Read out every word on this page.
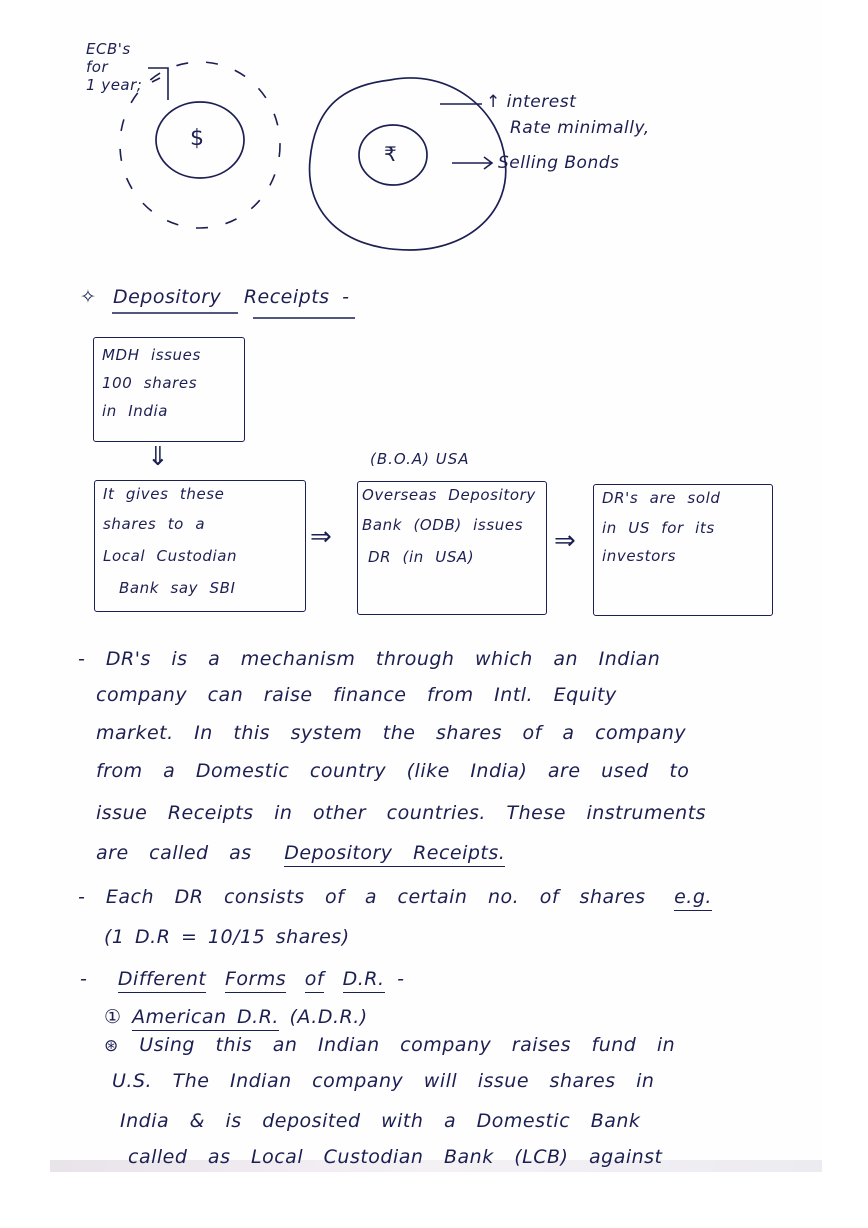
ECB's
for
1 year;
$
₹
↑ interest
Rate minimally,
Selling Bonds
✧ Depository Receipts -
MDH issues
100 shares
in India
⇓
It gives these
shares to a
Local Custodian
Bank say SBI
⇒
(B.O.A) USA
Overseas Depository
Bank (ODB) issues
DR (in USA)
⇒
DR's are sold
in US for its
investors
- DR's is a mechanism through which an Indian
company can raise finance from Intl. Equity
market. In this system the shares of a company
from a Domestic country (like India) are used to
issue Receipts in other countries. These instruments
are called as Depository Receipts.
- Each DR consists of a certain no. of shares e.g.
(1 D.R = 10/15 shares)
- Different Forms of D.R. -
① American D.R. (A.D.R.)
⊛ Using this an Indian company raises fund in
U.S. The Indian company will issue shares in
India & is deposited with a Domestic Bank
called as Local Custodian Bank (LCB) against
